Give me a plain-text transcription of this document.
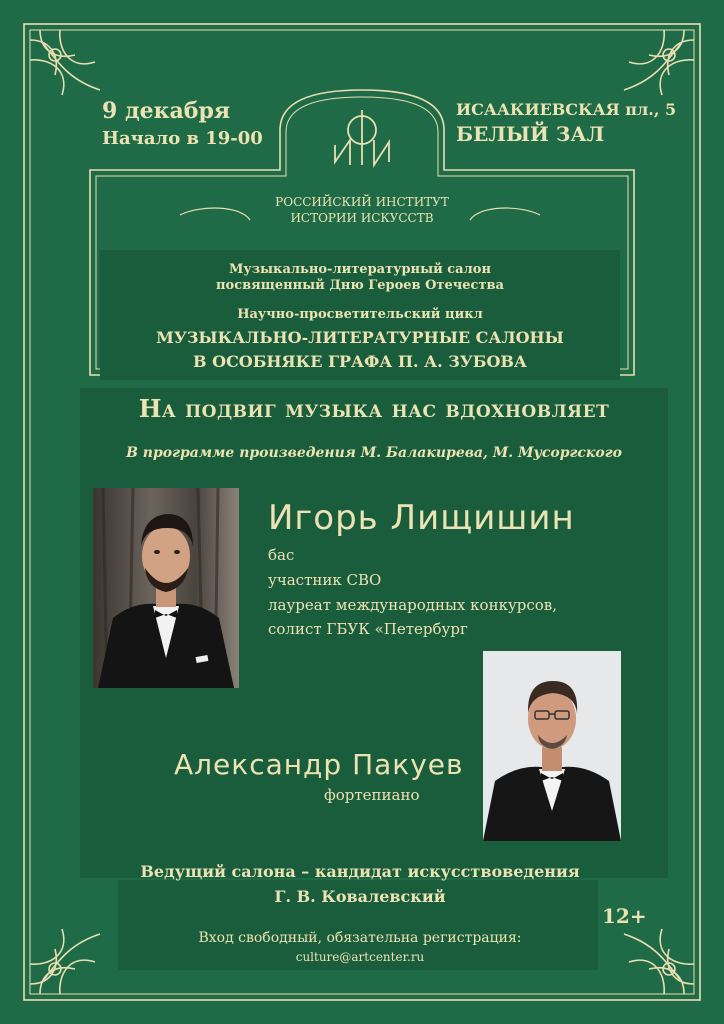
9 декабря
Начало в 19-00
ИСААКИЕВСКАЯ пл., 5
БЕЛЫЙ ЗАЛ
РОССИЙСКИЙ ИНСТИТУТ
ИСТОРИИ ИСКУССТВ
Музыкально-литературный салон
посвященный Дню Героев Отечества
Научно-просветительский цикл
МУЗЫКАЛЬНО-ЛИТЕРАТУРНЫЕ САЛОНЫ
В ОСОБНЯКЕ ГРАФА П. А. ЗУБОВА
На подвиг музыка нас вдохновляет
В программе произведения М. Балакирева, М. Мусоргского
Игорь Лищишин
бас
участник СВО
лауреат международных конкурсов,
солист ГБУК «Петербург
Александр Пакуев
фортепиано
Ведущий салона – кандидат искусствоведения
Г. В. Ковалевский
12+
Вход свободный, обязательна регистрация:
culture@artcenter.ru
